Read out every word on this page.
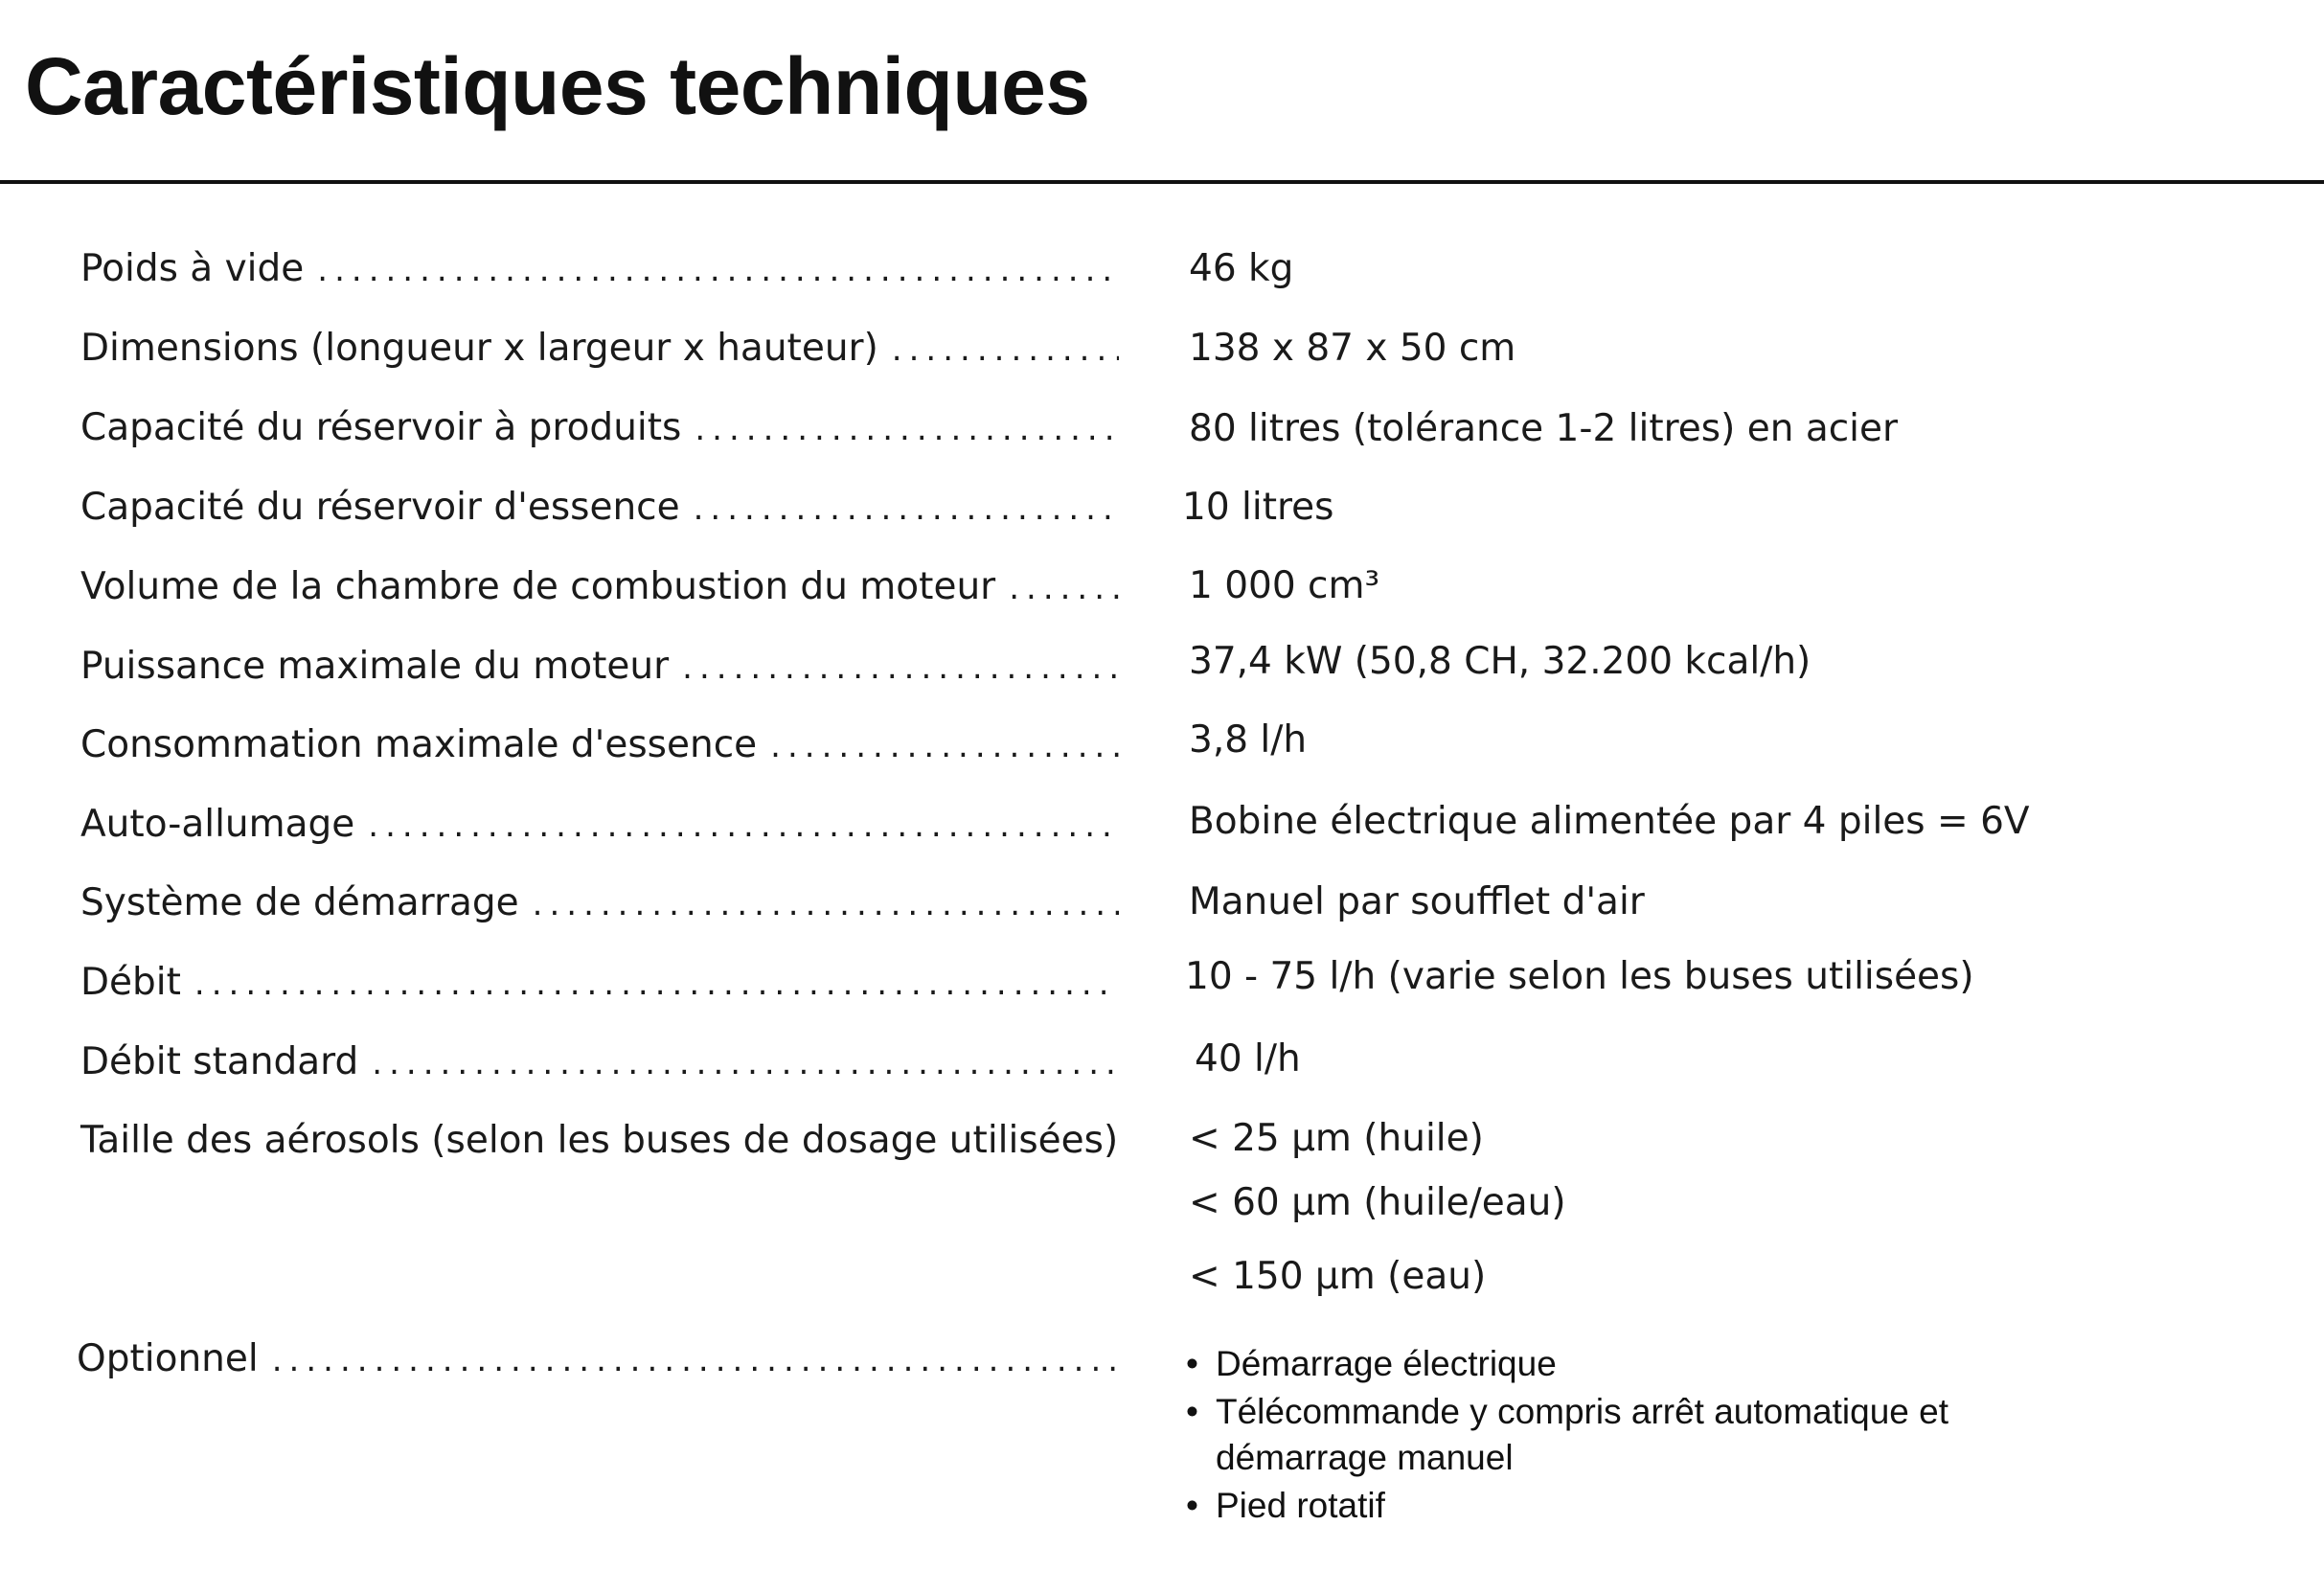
Caractéristiques techniques
Poids à vide .....	46 kg
Dimensions (longueur x largeur x hauteur) .....	138 x 87 x 50 cm
Capacité du réservoir à produits .....	80 litres (tolérance 1-2 litres) en acier
Capacité du réservoir d'essence .....	10 litres
Volume de la chambre de combustion du moteur .....	1 000 cm³
Puissance maximale du moteur .....	37,4 kW (50,8 CH, 32.200 kcal/h)
Consommation maximale d'essence .....	3,8 l/h
Auto-allumage .....	Bobine électrique alimentée par 4 piles = 6V
Système de démarrage .....	Manuel par soufflet d'air
Débit .....	10 - 75 l/h (varie selon les buses utilisées)
Débit standard .....	40 l/h
Taille des aérosols (selon les buses de dosage utilisées) ..... < 25 µm (huile)
< 60 µm (huile/eau)
< 150 µm (eau)
Optionnel .....	• Démarrage électrique
• Télécommande y compris arrêt automatique et démarrage manuel
• Pied rotatif
